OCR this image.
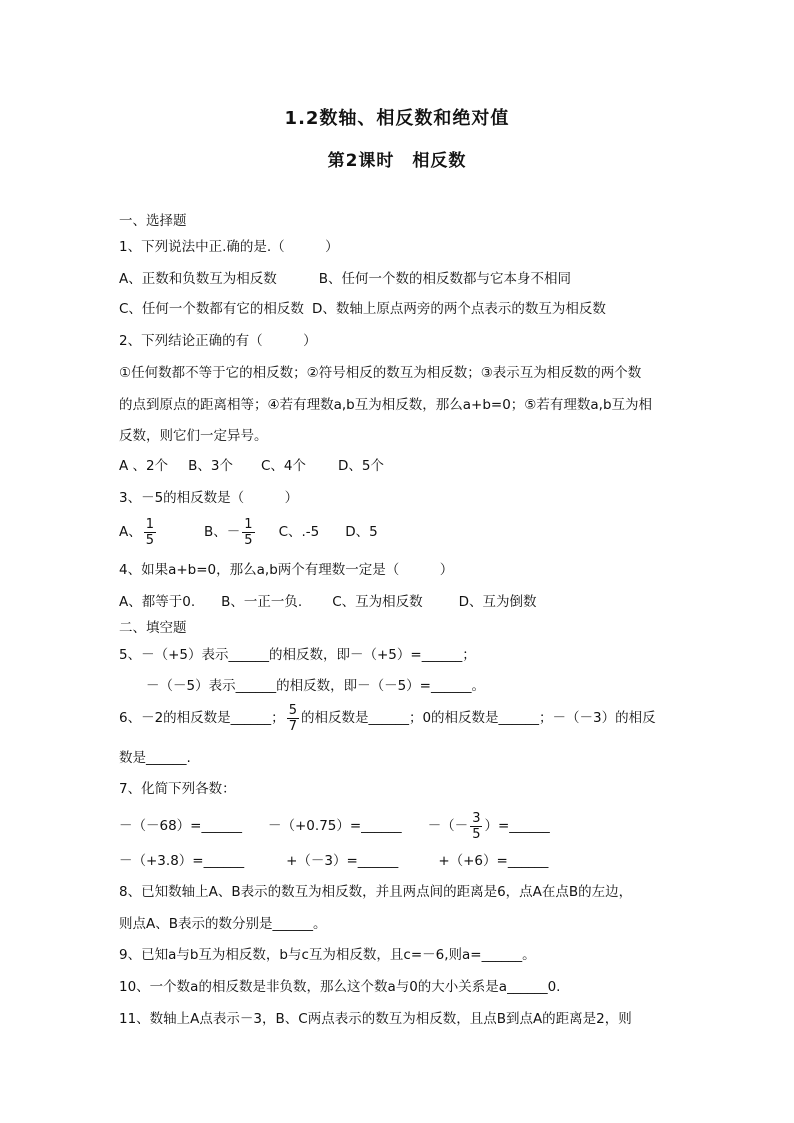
1.2数轴、相反数和绝对值
第2课时　相反数
一、选择题
1、下列说法中正.确的是.（　　　）
A、正数和负数互为相反数	B、任何一个数的相反数都与它本身不相同
C、任何一个数都有它的相反数 D、数轴上原点两旁的两个点表示的数互为相反数
2、下列结论正确的有（　　　）
①任何数都不等于它的相反数；②符号相反的数互为相反数；③表示互为相反数的两个数
的点到原点的距离相等；④若有理数a,b互为相反数，那么a+b=0；⑤若有理数a,b互为相
反数，则它们一定异号。
A 、2个 B、3个 C、4个 D、5个
3、－5的相反数是（　　　）
A、 $\frac{1}{5}$	B、－ $\frac{1}{5}$ C、.-5 D、5
4、如果a+b=0，那么a,b两个有理数一定是（　　　）
A、都等于0. B、一正一负. C、互为相反数	D、互为倒数
二、填空题
5、－（+5）表示______的相反数，即－（+5）=______；
－（－5）表示______的相反数，即－（－5）=______。
6、－2的相反数是______； $\frac{5}{7}$ 的相反数是______；0的相反数是______；－（－3）的相反
数是______.
7、化简下列各数：
－（－68）=______ －（+0.75）=______ －（－ $\frac{3}{5}$ ）=______
－（+3.8）=______	+（－3）=______	+（+6）=______
8、已知数轴上A、B表示的数互为相反数，并且两点间的距离是6，点A在点B的左边，
则点A、B表示的数分别是______。
9、已知a与b互为相反数，b与c互为相反数，且c=－6,则a=______。
10、一个数a的相反数是非负数，那么这个数a与0的大小关系是a______0.
11、数轴上A点表示－3，B、C两点表示的数互为相反数，且点B到点A的距离是2，则
